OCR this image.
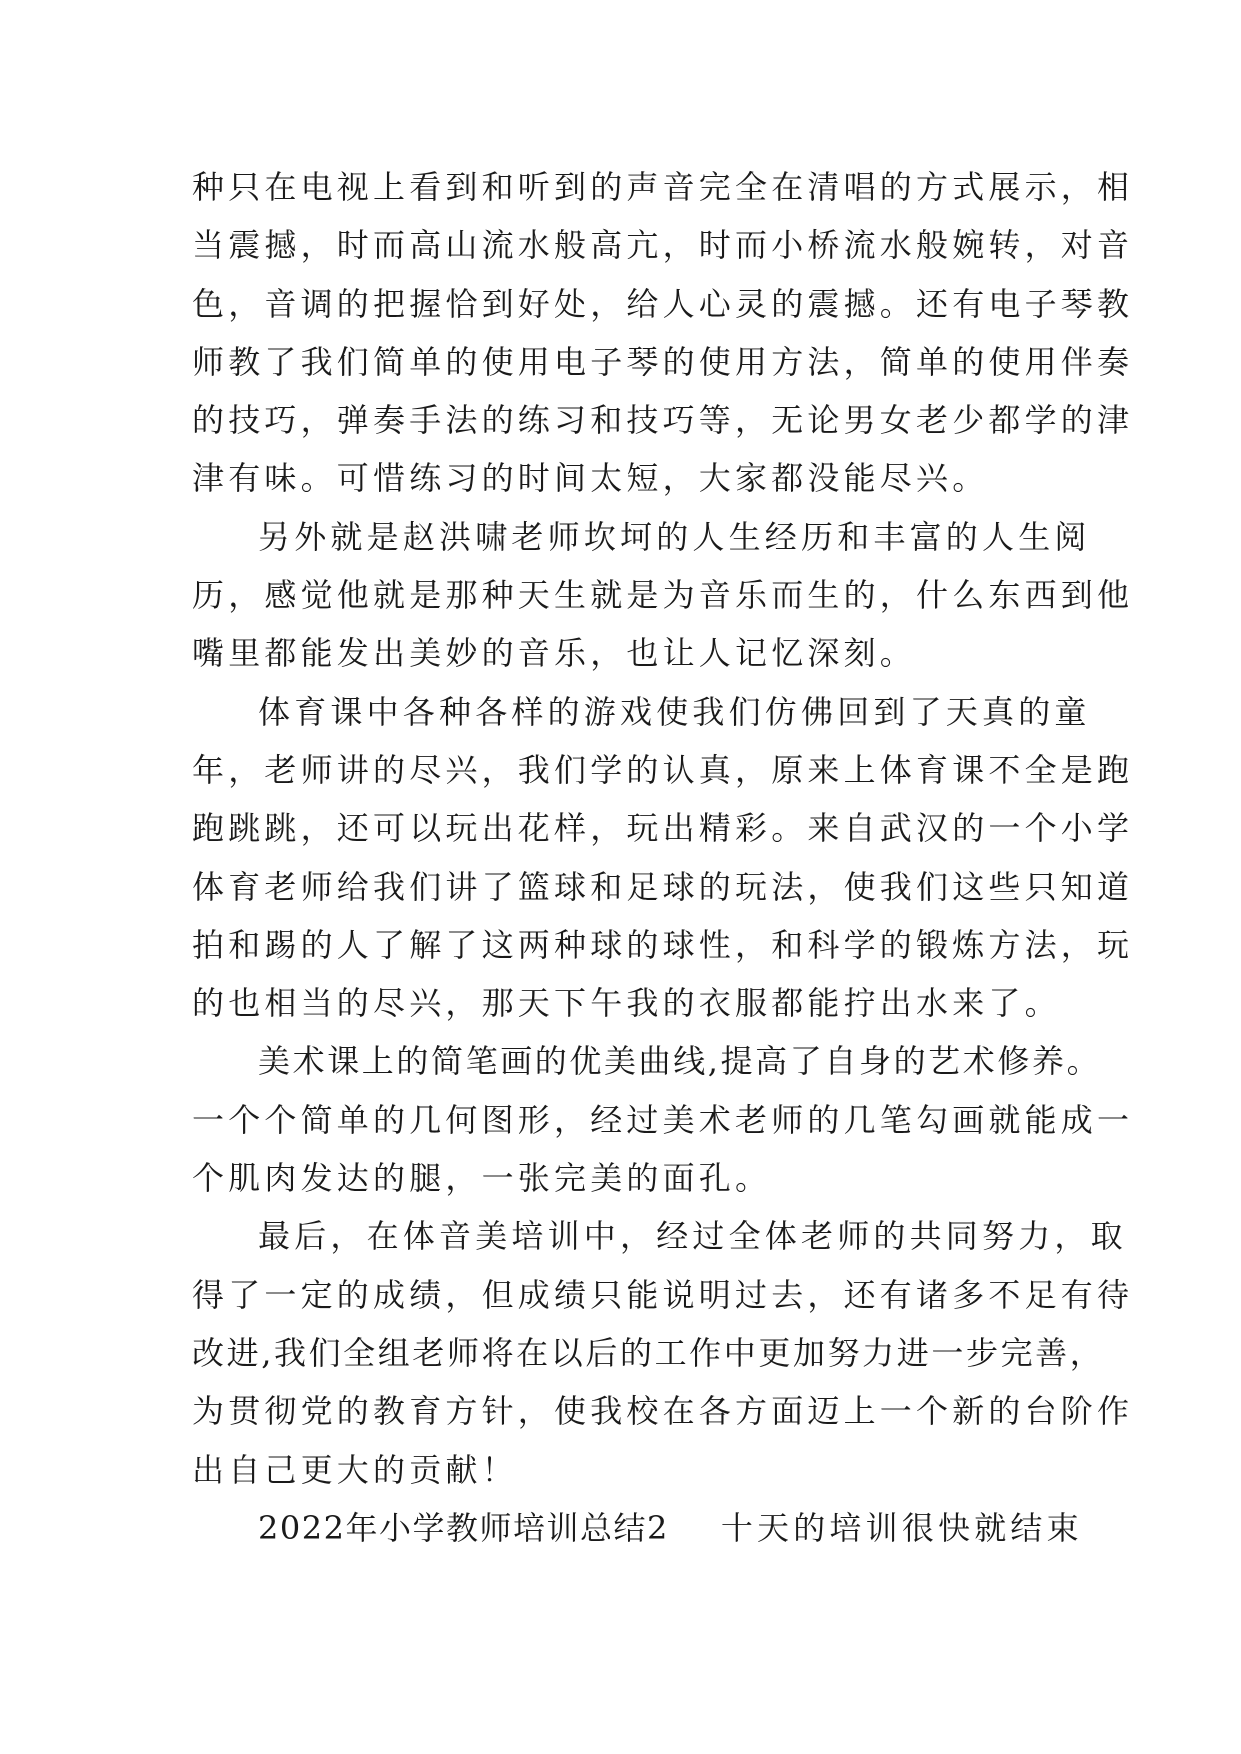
种只在电视上看到和听到的声音完全在清唱的方式展示，相
当震撼，时而高山流水般高亢，时而小桥流水般婉转，对音
色，音调的把握恰到好处，给人心灵的震撼。还有电子琴教
师教了我们简单的使用电子琴的使用方法，简单的使用伴奏
的技巧，弹奏手法的练习和技巧等，无论男女老少都学的津
津有味。可惜练习的时间太短，大家都没能尽兴。
另外就是赵洪啸老师坎坷的人生经历和丰富的人生阅
历，感觉他就是那种天生就是为音乐而生的，什么东西到他
嘴里都能发出美妙的音乐，也让人记忆深刻。
体育课中各种各样的游戏使我们仿佛回到了天真的童
年，老师讲的尽兴，我们学的认真，原来上体育课不全是跑
跑跳跳，还可以玩出花样，玩出精彩。来自武汉的一个小学
体育老师给我们讲了篮球和足球的玩法，使我们这些只知道
拍和踢的人了解了这两种球的球性，和科学的锻炼方法，玩
的也相当的尽兴，那天下午我的衣服都能拧出水来了。
美术课上的简笔画的优美曲线,提高了自身的艺术修养。
一个个简单的几何图形，经过美术老师的几笔勾画就能成一
个肌肉发达的腿，一张完美的面孔。
最后，在体音美培训中，经过全体老师的共同努力，取
得了一定的成绩，但成绩只能说明过去，还有诸多不足有待
改进,我们全组老师将在以后的工作中更加努力进一步完善，
为贯彻党的教育方针，使我校在各方面迈上一个新的台阶作
出自己更大的贡献！
2022年小学教师培训总结2 十天的培训很快就结束
